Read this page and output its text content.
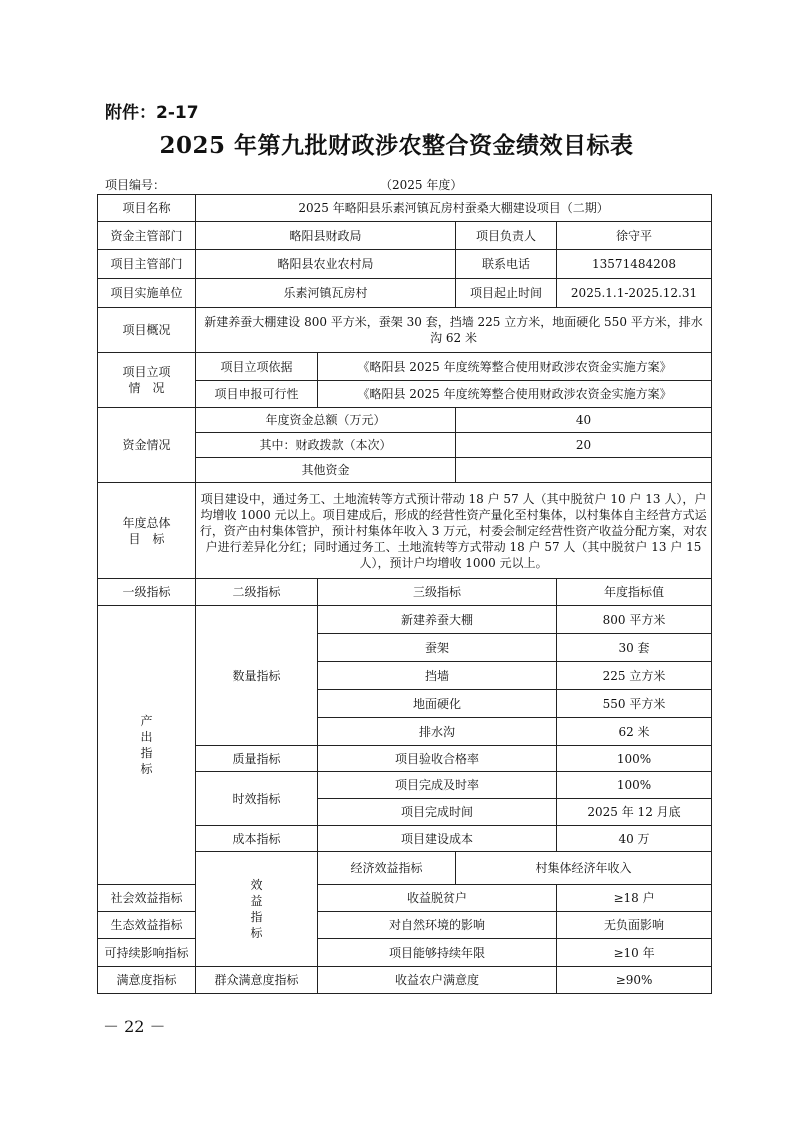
附件：2-17
2025 年第九批财政涉农整合资金绩效目标表
项目编号：	（2025 年度）
项目名称	2025 年略阳县乐素河镇瓦房村蚕桑大棚建设项目（二期）				
资金主管部门	略阳县财政局		项目负责人	徐守平	
项目主管部门	略阳县农业农村局		联系电话	13571484208	
项目实施单位	乐素河镇瓦房村		项目起止时间	2025.1.1-2025.12.31	
项目概况	新建养蚕大棚建设 800 平方米，蚕架 30 套，挡墙 225 立方米，地面硬化 550 平方米，排水沟 62 米				

项目立项
情　况	项目立项依据	《略阳县 2025 年度统筹整合使用财政涉农资金实施方案》			
	项目申报可行性	《略阳县 2025 年度统筹整合使用财政涉农资金实施方案》			
资金情况	年度资金总额（万元）		40		
	其中：财政拨款（本次）		20		
	其他资金				

年度总体
目　标	项目建设中，通过务工、土地流转等方式预计带动 18 户 57 人（其中脱贫户 10 户 13 人），户均增收 1000 元以上。项目建成后，形成的经营性资产量化至村集体，以村集体自主经营方式运行，资产由村集体管护，预计村集体年收入 3 万元，村委会制定经营性资产收益分配方案，对农户进行差异化分红；同时通过务工、土地流转等方式带动 18 户 57 人（其中脱贫户 13 户 15 人），预计户均增收 1000 元以上。				
一级指标	二级指标	三级指标		年度指标值	

产
出
指
标	数量指标	新建养蚕大棚		800 平方米	
		蚕架		30 套	
		挡墙		225 立方米	
		地面硬化		550 平方米	
		排水沟		62 米	
	质量指标	项目验收合格率		100%	
	时效指标	项目完成及时率		100%	
		项目完成时间		2025 年 12 月底	
	成本指标	项目建设成本		40 万	

	效
益
指
标	经济效益指标	村集体经济年收入	
社会效益指标		收益脱贫户		≥18 户	
生态效益指标		对自然环境的影响		无负面影响	
可持续影响指标		项目能够持续年限		≥10 年	
满意度指标	群众满意度指标	收益农户满意度		≥90%	
－ 22 －
